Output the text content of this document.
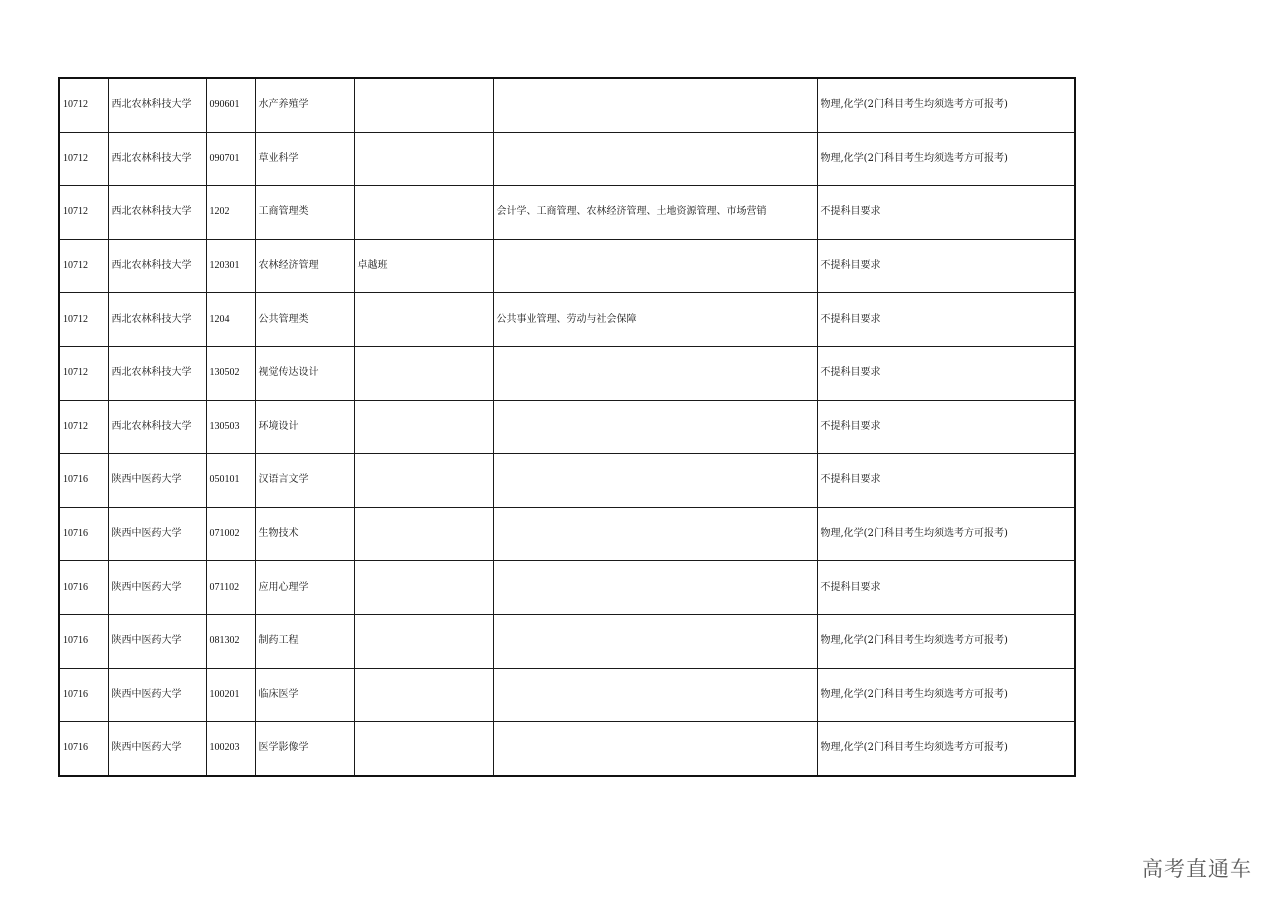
10712	西北农林科技大学	090601	水产养殖学			物理,化学(2门科目考生均须选考方可报考)
10712	西北农林科技大学	090701	草业科学			物理,化学(2门科目考生均须选考方可报考)
10712	西北农林科技大学	1202	工商管理类		会计学、工商管理、农林经济管理、土地资源管理、市场营销	不提科目要求
10712	西北农林科技大学	120301	农林经济管理	卓越班		不提科目要求
10712	西北农林科技大学	1204	公共管理类		公共事业管理、劳动与社会保障	不提科目要求
10712	西北农林科技大学	130502	视觉传达设计			不提科目要求
10712	西北农林科技大学	130503	环境设计			不提科目要求
10716	陕西中医药大学	050101	汉语言文学			不提科目要求
10716	陕西中医药大学	071002	生物技术			物理,化学(2门科目考生均须选考方可报考)
10716	陕西中医药大学	071102	应用心理学			不提科目要求
10716	陕西中医药大学	081302	制药工程			物理,化学(2门科目考生均须选考方可报考)
10716	陕西中医药大学	100201	临床医学			物理,化学(2门科目考生均须选考方可报考)
10716	陕西中医药大学	100203	医学影像学			物理,化学(2门科目考生均须选考方可报考)
高考直通车
